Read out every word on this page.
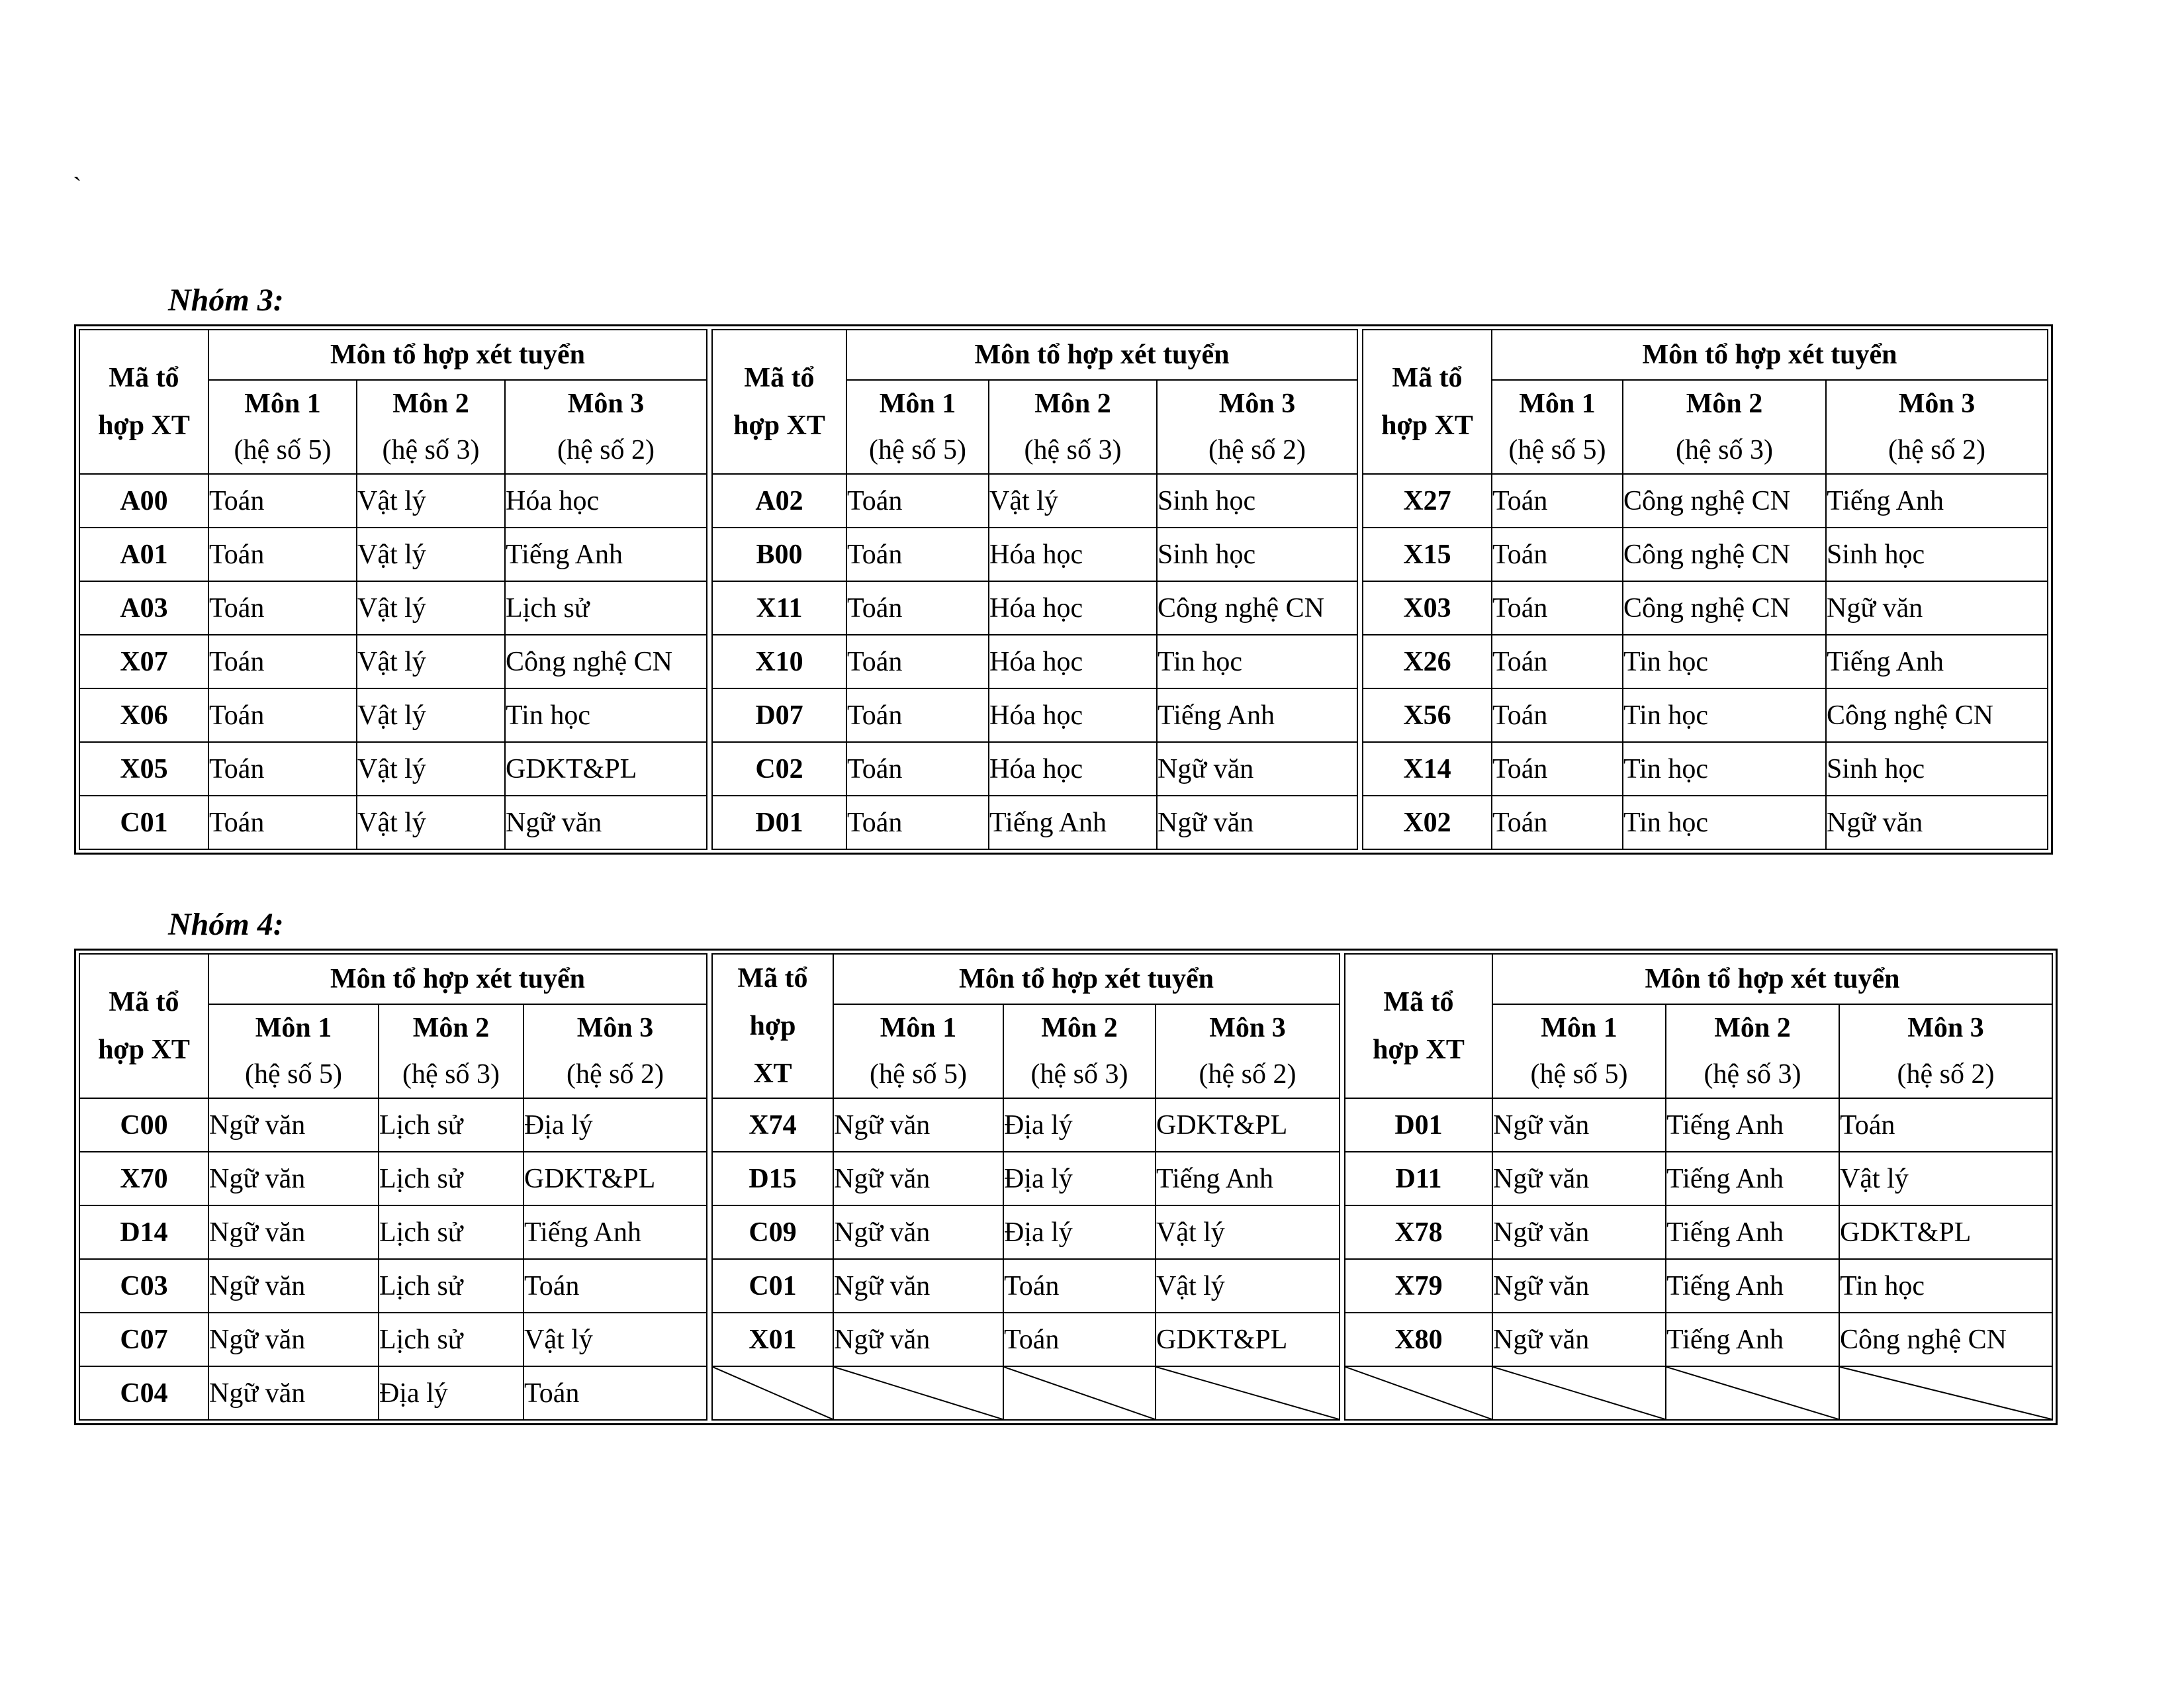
`
Nhóm 3:
Mã tổ
hợp XT	Môn tổ hợp xét tuyển		

	Môn 1
(hệ số 5)	Môn 2
(hệ số 3)	Môn 3
(hệ số 2)

A00	Toán	Vật lý	Hóa học
A01	Toán	Vật lý	Tiếng Anh
A03	Toán	Vật lý	Lịch sử
X07	Toán	Vật lý	Công nghệ CN
X06	Toán	Vật lý	Tin học
X05	Toán	Vật lý	GDKT&PL
C01	Toán	Vật lý	Ngữ văn
Mã tổ
hợp XT	Môn tổ hợp xét tuyển		

	Môn 1
(hệ số 5)	Môn 2
(hệ số 3)	Môn 3
(hệ số 2)

A02	Toán	Vật lý	Sinh học
B00	Toán	Hóa học	Sinh học
X11	Toán	Hóa học	Công nghệ CN
X10	Toán	Hóa học	Tin học
D07	Toán	Hóa học	Tiếng Anh
C02	Toán	Hóa học	Ngữ văn
D01	Toán	Tiếng Anh	Ngữ văn
Mã tổ
hợp XT	Môn tổ hợp xét tuyển		

	Môn 1
(hệ số 5)	Môn 2
(hệ số 3)	Môn 3
(hệ số 2)

X27	Toán	Công nghệ CN	Tiếng Anh
X15	Toán	Công nghệ CN	Sinh học
X03	Toán	Công nghệ CN	Ngữ văn
X26	Toán	Tin học	Tiếng Anh
X56	Toán	Tin học	Công nghệ CN
X14	Toán	Tin học	Sinh học
X02	Toán	Tin học	Ngữ văn
Nhóm 4:
Mã tổ
hợp XT	Môn tổ hợp xét tuyển		

	Môn 1
(hệ số 5)	Môn 2
(hệ số 3)	Môn 3
(hệ số 2)

C00	Ngữ văn	Lịch sử	Địa lý
X70	Ngữ văn	Lịch sử	GDKT&PL
D14	Ngữ văn	Lịch sử	Tiếng Anh
C03	Ngữ văn	Lịch sử	Toán
C07	Ngữ văn	Lịch sử	Vật lý
C04	Ngữ văn	Địa lý	Toán
Mã tổ
hợp
XT	Môn tổ hợp xét tuyển		

	Môn 1
(hệ số 5)	Môn 2
(hệ số 3)	Môn 3
(hệ số 2)

X74	Ngữ văn	Địa lý	GDKT&PL
D15	Ngữ văn	Địa lý	Tiếng Anh
C09	Ngữ văn	Địa lý	Vật lý
C01	Ngữ văn	Toán	Vật lý
X01	Ngữ văn	Toán	GDKT&PL

Mã tổ
hợp XT	Môn tổ hợp xét tuyển		

	Môn 1
(hệ số 5)	Môn 2
(hệ số 3)	Môn 3
(hệ số 2)

D01	Ngữ văn	Tiếng Anh	Toán
D11	Ngữ văn	Tiếng Anh	Vật lý
X78	Ngữ văn	Tiếng Anh	GDKT&PL
X79	Ngữ văn	Tiếng Anh	Tin học
X80	Ngữ văn	Tiếng Anh	Công nghệ CN
